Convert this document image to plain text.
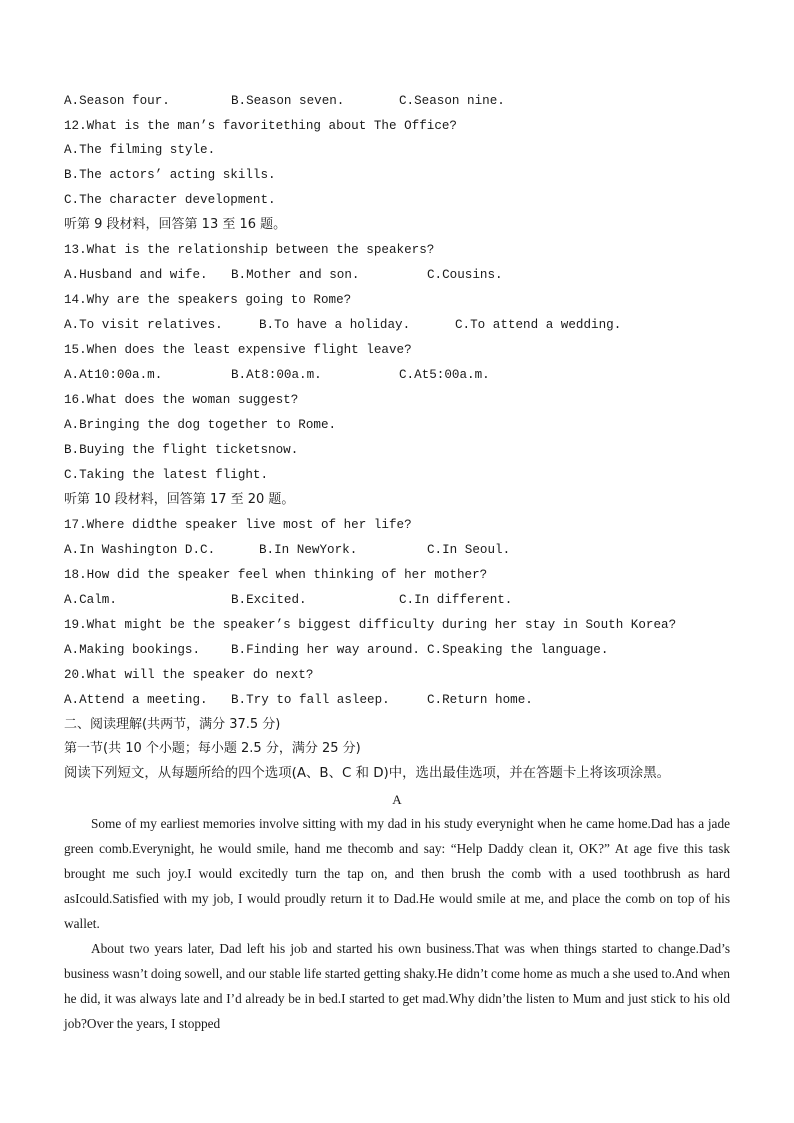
A.Season four.	B.Season seven.	C.Season nine.
12.What is the man’s favoritething about The Office?
A.The filming style.
B.The actors’ acting skills.
C.The character development.
听第 9 段材料，回答第 13 至 16 题。
13.What is the relationship between the speakers?
A.Husband and wife. B.Mother and son.	C.Cousins.
14.Why are the speakers going to Rome?
A.To visit relatives.	B.To have a holiday.	C.To attend a wedding.
15.When does the least expensive flight leave?
A.At10:00a.m.	B.At8:00a.m.	C.At5:00a.m.
16.What does the woman suggest?
A.Bringing the dog together to Rome.
B.Buying the flight ticketsnow.
C.Taking the latest flight.
听第 10 段材料，回答第 17 至 20 题。
17.Where didthe speaker live most of her life?
A.In Washington D.C.	B.In NewYork.	C.In Seoul.
18.How did the speaker feel when thinking of her mother?
A.Calm.	B.Excited.	C.In different.
19.What might be the speaker’s biggest difficulty during her stay in South Korea?
A.Making bookings. B.Finding her way around. C.Speaking the language.
20.What will the speaker do next?
A.Attend a meeting. B.Try to fall asleep.	C.Return home.
二、阅读理解(共两节，满分 37.5 分)
第一节(共 10 个小题；每小题 2.5 分，满分 25 分)
阅读下列短文，从每题所给的四个选项(A、B、C 和 D)中，选出最佳选项，并在答题卡上将该项涂黑。
A
Some of my earliest memories involve sitting with my dad in his study everynight when he came home.Dad has a jade green comb.Everynight, he would smile, hand me thecomb and say: “Help Daddy clean it, OK?” At age five this task brought me such joy.I would excitedly turn the tap on, and then brush the comb with a used toothbrush as hard asIcould.Satisfied with my job, I would proudly return it to Dad.He would smile at me, and place the comb on top of his wallet.
About two years later, Dad left his job and started his own business.That was when things started to change.Dad’s business wasn’t doing sowell, and our stable life started getting shaky.He didn’t come home as much a she used to.And when he did, it was always late and I’d already be in bed.I started to get mad.Why didn’the listen to Mum and just stick to his old job?Over the years, I stopped
